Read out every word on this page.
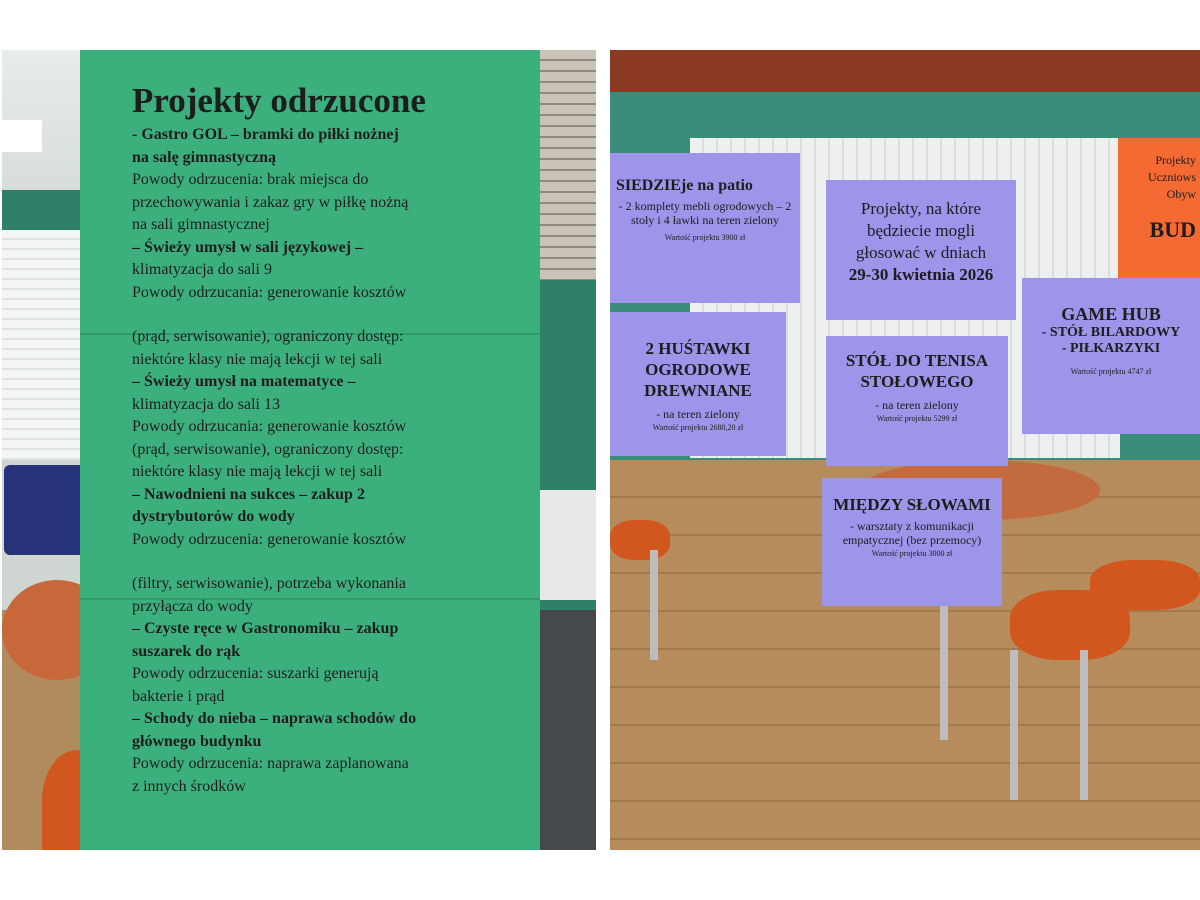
Projekty odrzucone

- Gastro GOL – bramki do piłki nożnej

na salę gimnastyczną

Powody odrzucenia: brak miejsca do

przechowywania i zakaz gry w piłkę nożną

na sali gimnastycznej

– Świeży umysł w sali językowej –

klimatyzacja do sali 9

Powody odrzucania: generowanie kosztów

(prąd, serwisowanie), ograniczony dostęp:

niektóre klasy nie mają lekcji w tej sali

– Świeży umysł na matematyce –

klimatyzacja do sali 13

Powody odrzucania: generowanie kosztów

(prąd, serwisowanie), ograniczony dostęp:

niektóre klasy nie mają lekcji w tej sali

– Nawodnieni na sukces – zakup 2

dystrybutorów do wody

Powody odrzucenia: generowanie kosztów

(filtry, serwisowanie), potrzeba wykonania

przyłącza do wody

– Czyste ręce w Gastronomiku – zakup

suszarek do rąk

Powody odrzucenia: suszarki generują

bakterie i prąd

– Schody do nieba – naprawa schodów do

głównego budynku

Powody odrzucenia: naprawa zaplanowana

z innych środków

SIEDZIEje na patio
- 2 komplety mebli ogrodowych – 2 stoły i 4 ławki na teren zielony
Wartość projektu 3900 zł
Projekty, na które
będziecie mogli
głosować w dniach
29-30 kwietnia 2026
2 HUŚTAWKI OGRODOWE DREWNIANE
- na teren zielony
Wartość projektu 2680,20 zł
STÓŁ DO TENISA STOŁOWEGO
- na teren zielony
Wartość projektu 5299 zł
GAME HUB
- STÓŁ BILARDOWY
- PIŁKARZYKI
Wartość projektu 4747 zł
MIĘDZY SŁOWAMI
- warsztaty z komunikacji empatycznej (bez przemocy)
Wartość projektu 3000 zł
Projekty
Uczniows
Obyw
BUD
